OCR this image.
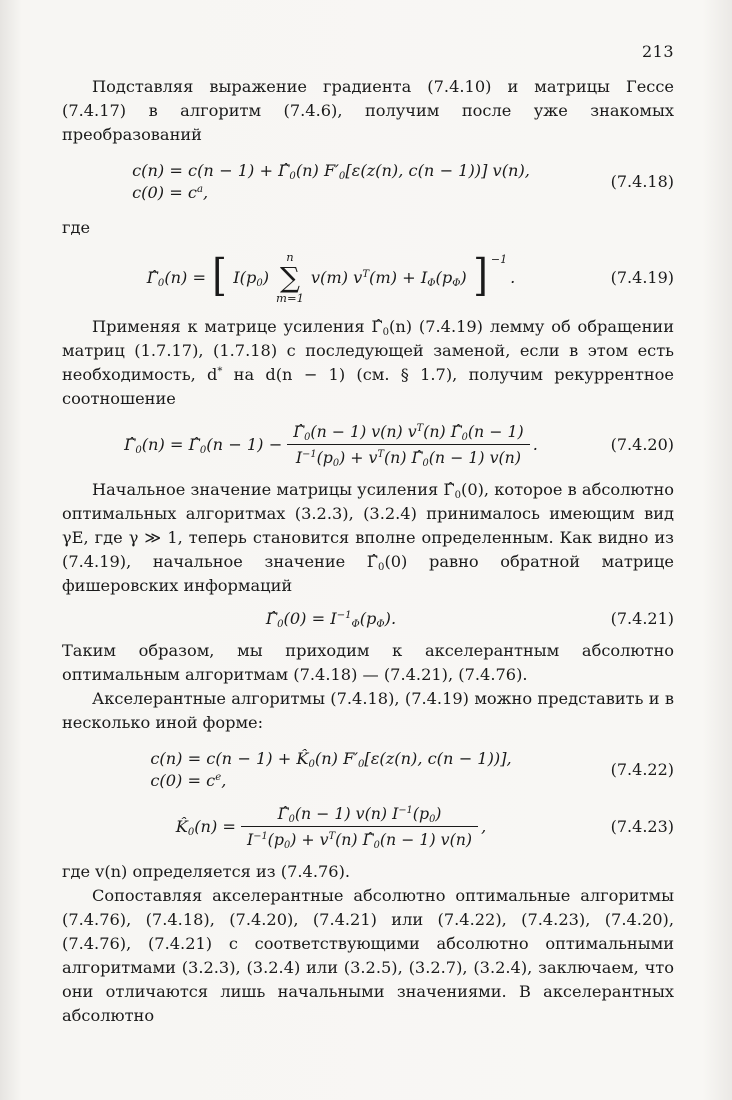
213

Подставляя выражение градиента (7.4.10) и матрицы Гессе (7.4.17) в алгоритм (7.4.6), получим после уже знакомых преобразований

$c(n) = c(n - 1) + \Gammâ_0(n)$ $F'_0[\varepsilon(z(n)$, c(n − 1))] v(n),
$c(0) = c^a$,
(7.4.18)

где

$\Gammâ_0(n)$ = [ $I(p_0)$
n
∑
m=1
v(m) $v^T(m) + I_\Phi(p_\Phi)$ ] −1
.	(7.4.19)

Применяя к матрице усиления $\Gammâ_0(n)$ (7.4.19) лемму об обращении матриц (1.7.17), (1.7.18) с последующей заменой, если в этом есть необходимость, d* на d(n − 1) (см. § 1.7), получим рекуррентное соотношение

$\Gammâ_0(n)$ = $\Gammâ_0(n - 1) - \frac{\Gammâ_0(n - 1) v(n) v^T(n) \Gammâ_0(n - 1)}{I^{-1}(p_0) + v^T(n) \Gammâ_0(n - 1) v(n)}$ .	(7.4.20)

Начальное значение матрицы усиления $\Gammâ_0(0)$, которое в абсолютно оптимальных алгоритмах (3.2.3), (3.2.4) принималось имеющим вид γE, где γ ≫ 1, теперь становится вполне определенным. Как видно из (7.4.19), начальное значение $\Gammâ_0(0)$ равно обратной матрице фишеровских информаций

$\Gammâ_0(0) = I^{-1}_\Phi(p_\Phi)$.	(7.4.21)

Таким образом, мы приходим к акселерантным абсолютно оптимальным алгоритмам (7.4.18) — (7.4.21), (7.4.76).

Акселерантные алгоритмы (7.4.18), (7.4.19) можно представить и в несколько иной форме:

$c(n) = c(n - 1) + K̂_0(n)$ $F'_0[\varepsilon(z(n)$, c(n − 1))],
$c(0) = c^e$,
(7.4.22)
$K̂_0(n) = \frac{\Gammâ_0(n - 1) v(n) I^{-1}(p_0)}{I^{-1}(p_0) + v^T(n) \Gammâ_0(n - 1) v(n)}$ ,	(7.4.23)

где v(n) определяется из (7.4.76).

Сопоставляя акселерантные абсолютно оптимальные алгоритмы (7.4.76), (7.4.18), (7.4.20), (7.4.21) или (7.4.22), (7.4.23), (7.4.20), (7.4.76), (7.4.21) с соответствующими абсолютно оптимальными алгоритмами (3.2.3), (3.2.4) или (3.2.5), (3.2.7), (3.2.4), заключаем, что они отличаются лишь начальными значениями. В акселерантных абсолютно
